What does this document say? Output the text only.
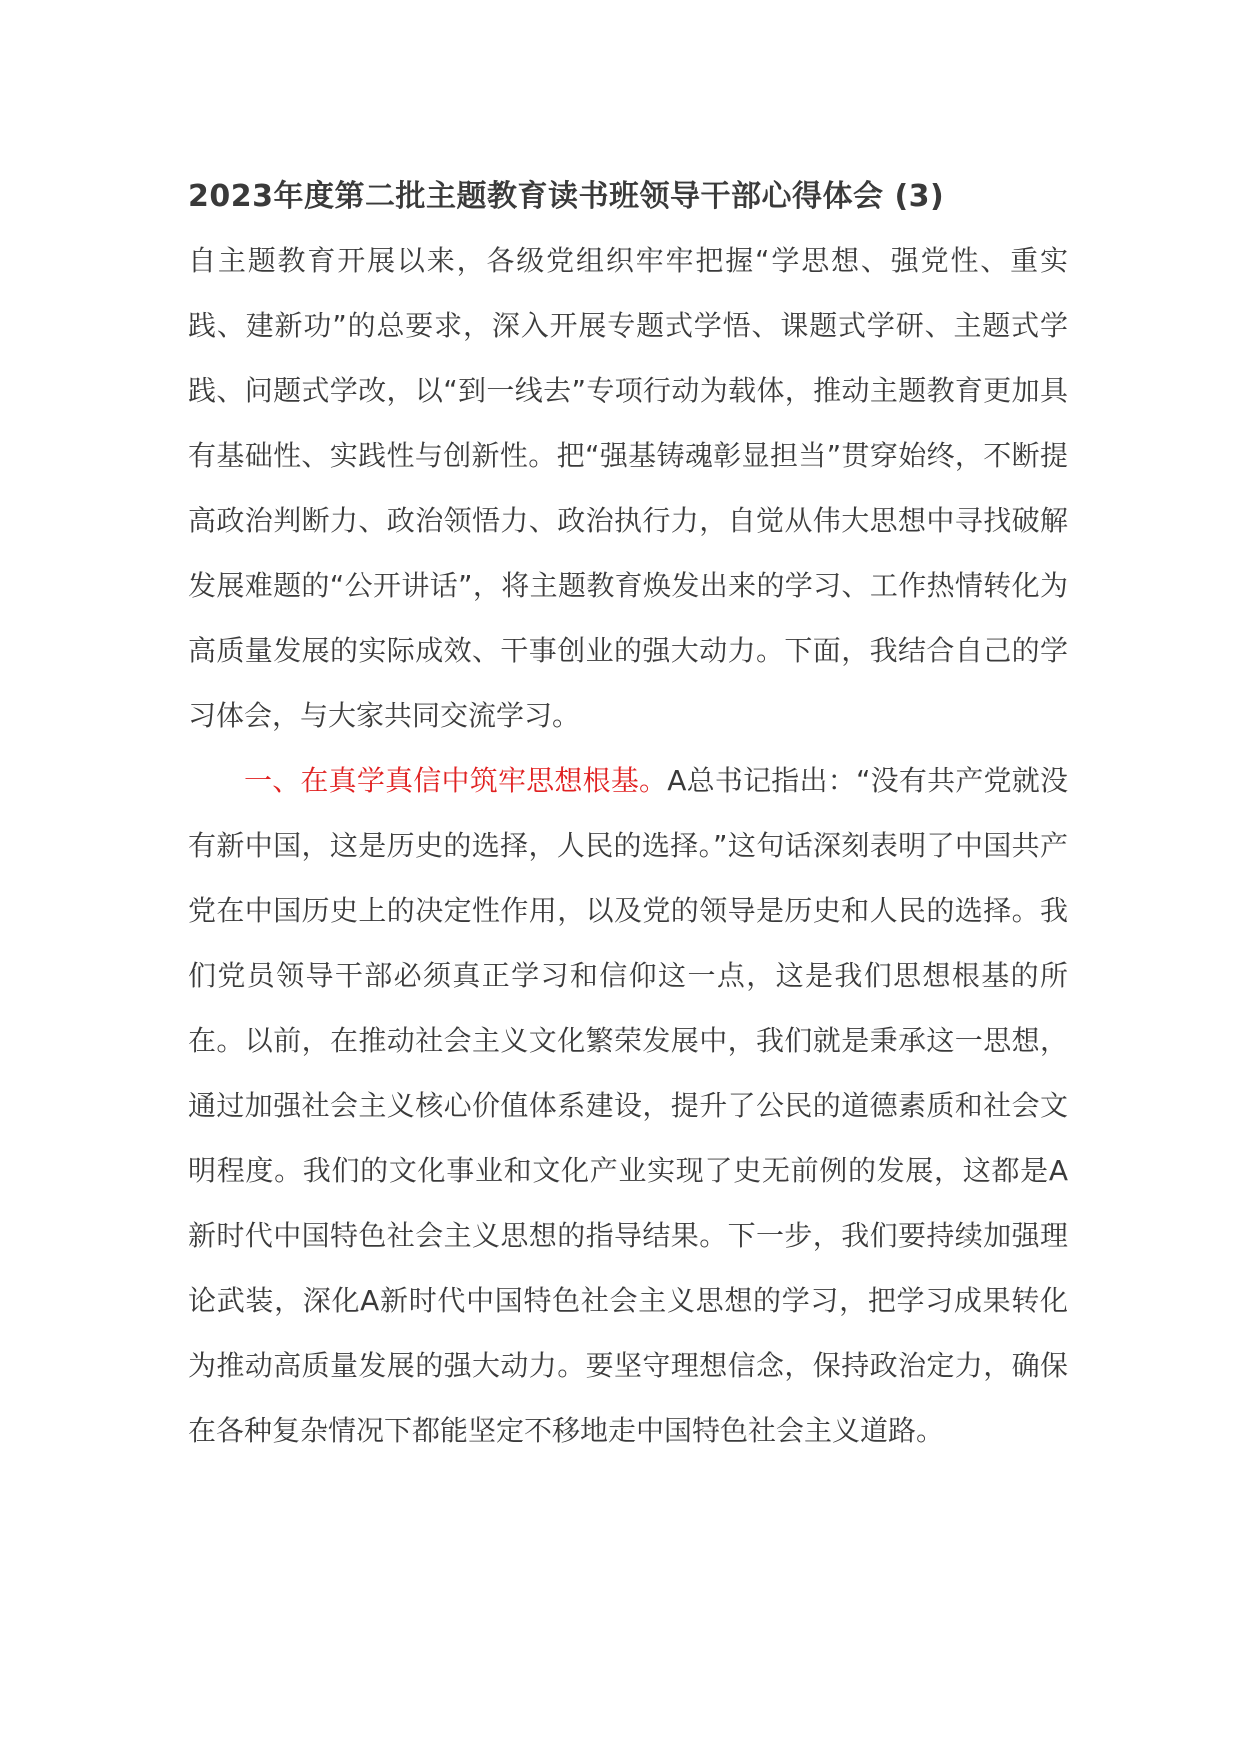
2023年度第二批主题教育读书班领导干部心得体会 (3)

自主题教育开展以来，各级党组织牢牢把握“学思想、强党性、重实践、建新功”的总要求，深入开展专题式学悟、课题式学研、主题式学践、问题式学改，以“到一线去”专项行动为载体，推动主题教育更加具有基础性、实践性与创新性。把“强基铸魂彰显担当”贯穿始终，不断提高政治判断力、政治领悟力、政治执行力，自觉从伟大思想中寻找破解发展难题的“公开讲话”，将主题教育焕发出来的学习、工作热情转化为高质量发展的实际成效、干事创业的强大动力。下面，我结合自己的学习体会，与大家共同交流学习。

一、在真学真信中筑牢思想根基。A总书记指出：“没有共产党就没有新中国，这是历史的选择，人民的选择。”这句话深刻表明了中国共产党在中国历史上的决定性作用，以及党的领导是历史和人民的选择。我们党员领导干部必须真正学习和信仰这一点，这是我们思想根基的所在。以前，在推动社会主义文化繁荣发展中，我们就是秉承这一思想，通过加强社会主义核心价值体系建设，提升了公民的道德素质和社会文明程度。我们的文化事业和文化产业实现了史无前例的发展，这都是A新时代中国特色社会主义思想的指导结果。下一步，我们要持续加强理论武装，深化A新时代中国特色社会主义思想的学习，把学习成果转化为推动高质量发展的强大动力。要坚守理想信念，保持政治定力，确保在各种复杂情况下都能坚定不移地走中国特色社会主义道路。
